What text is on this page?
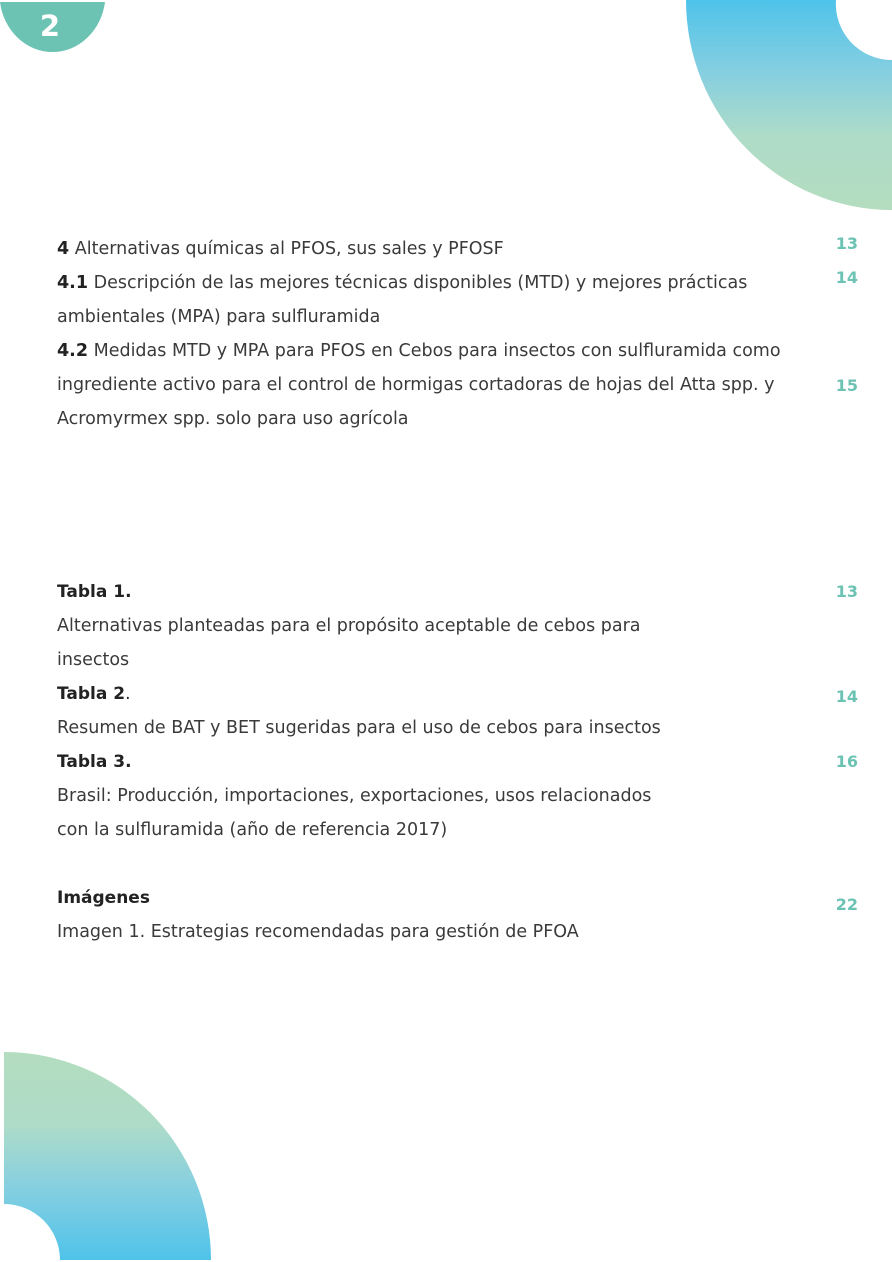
2
4 Alternativas químicas al PFOS, sus sales y PFOSF	13
4.1 Descripción de las mejores técnicas disponibles (MTD) y mejores prácticas
ambientales (MPA) para sulfluramida
14
4.2 Medidas MTD y MPA para PFOS en Cebos para insectos con sulfluramida como
ingrediente activo para el control de hormigas cortadoras de hojas del Atta spp. y
Acromyrmex spp. solo para uso agrícola
15
Tabla 1.	13
Alternativas planteadas para el propósito aceptable de cebos para
insectos
Tabla 2.	14
Resumen de BAT y BET sugeridas para el uso de cebos para insectos
Tabla 3.	16
Brasil: Producción, importaciones, exportaciones, usos relacionados
con la sulfluramida (año de referencia 2017)
Imágenes	22
Imagen 1. Estrategias recomendadas para gestión de PFOA
